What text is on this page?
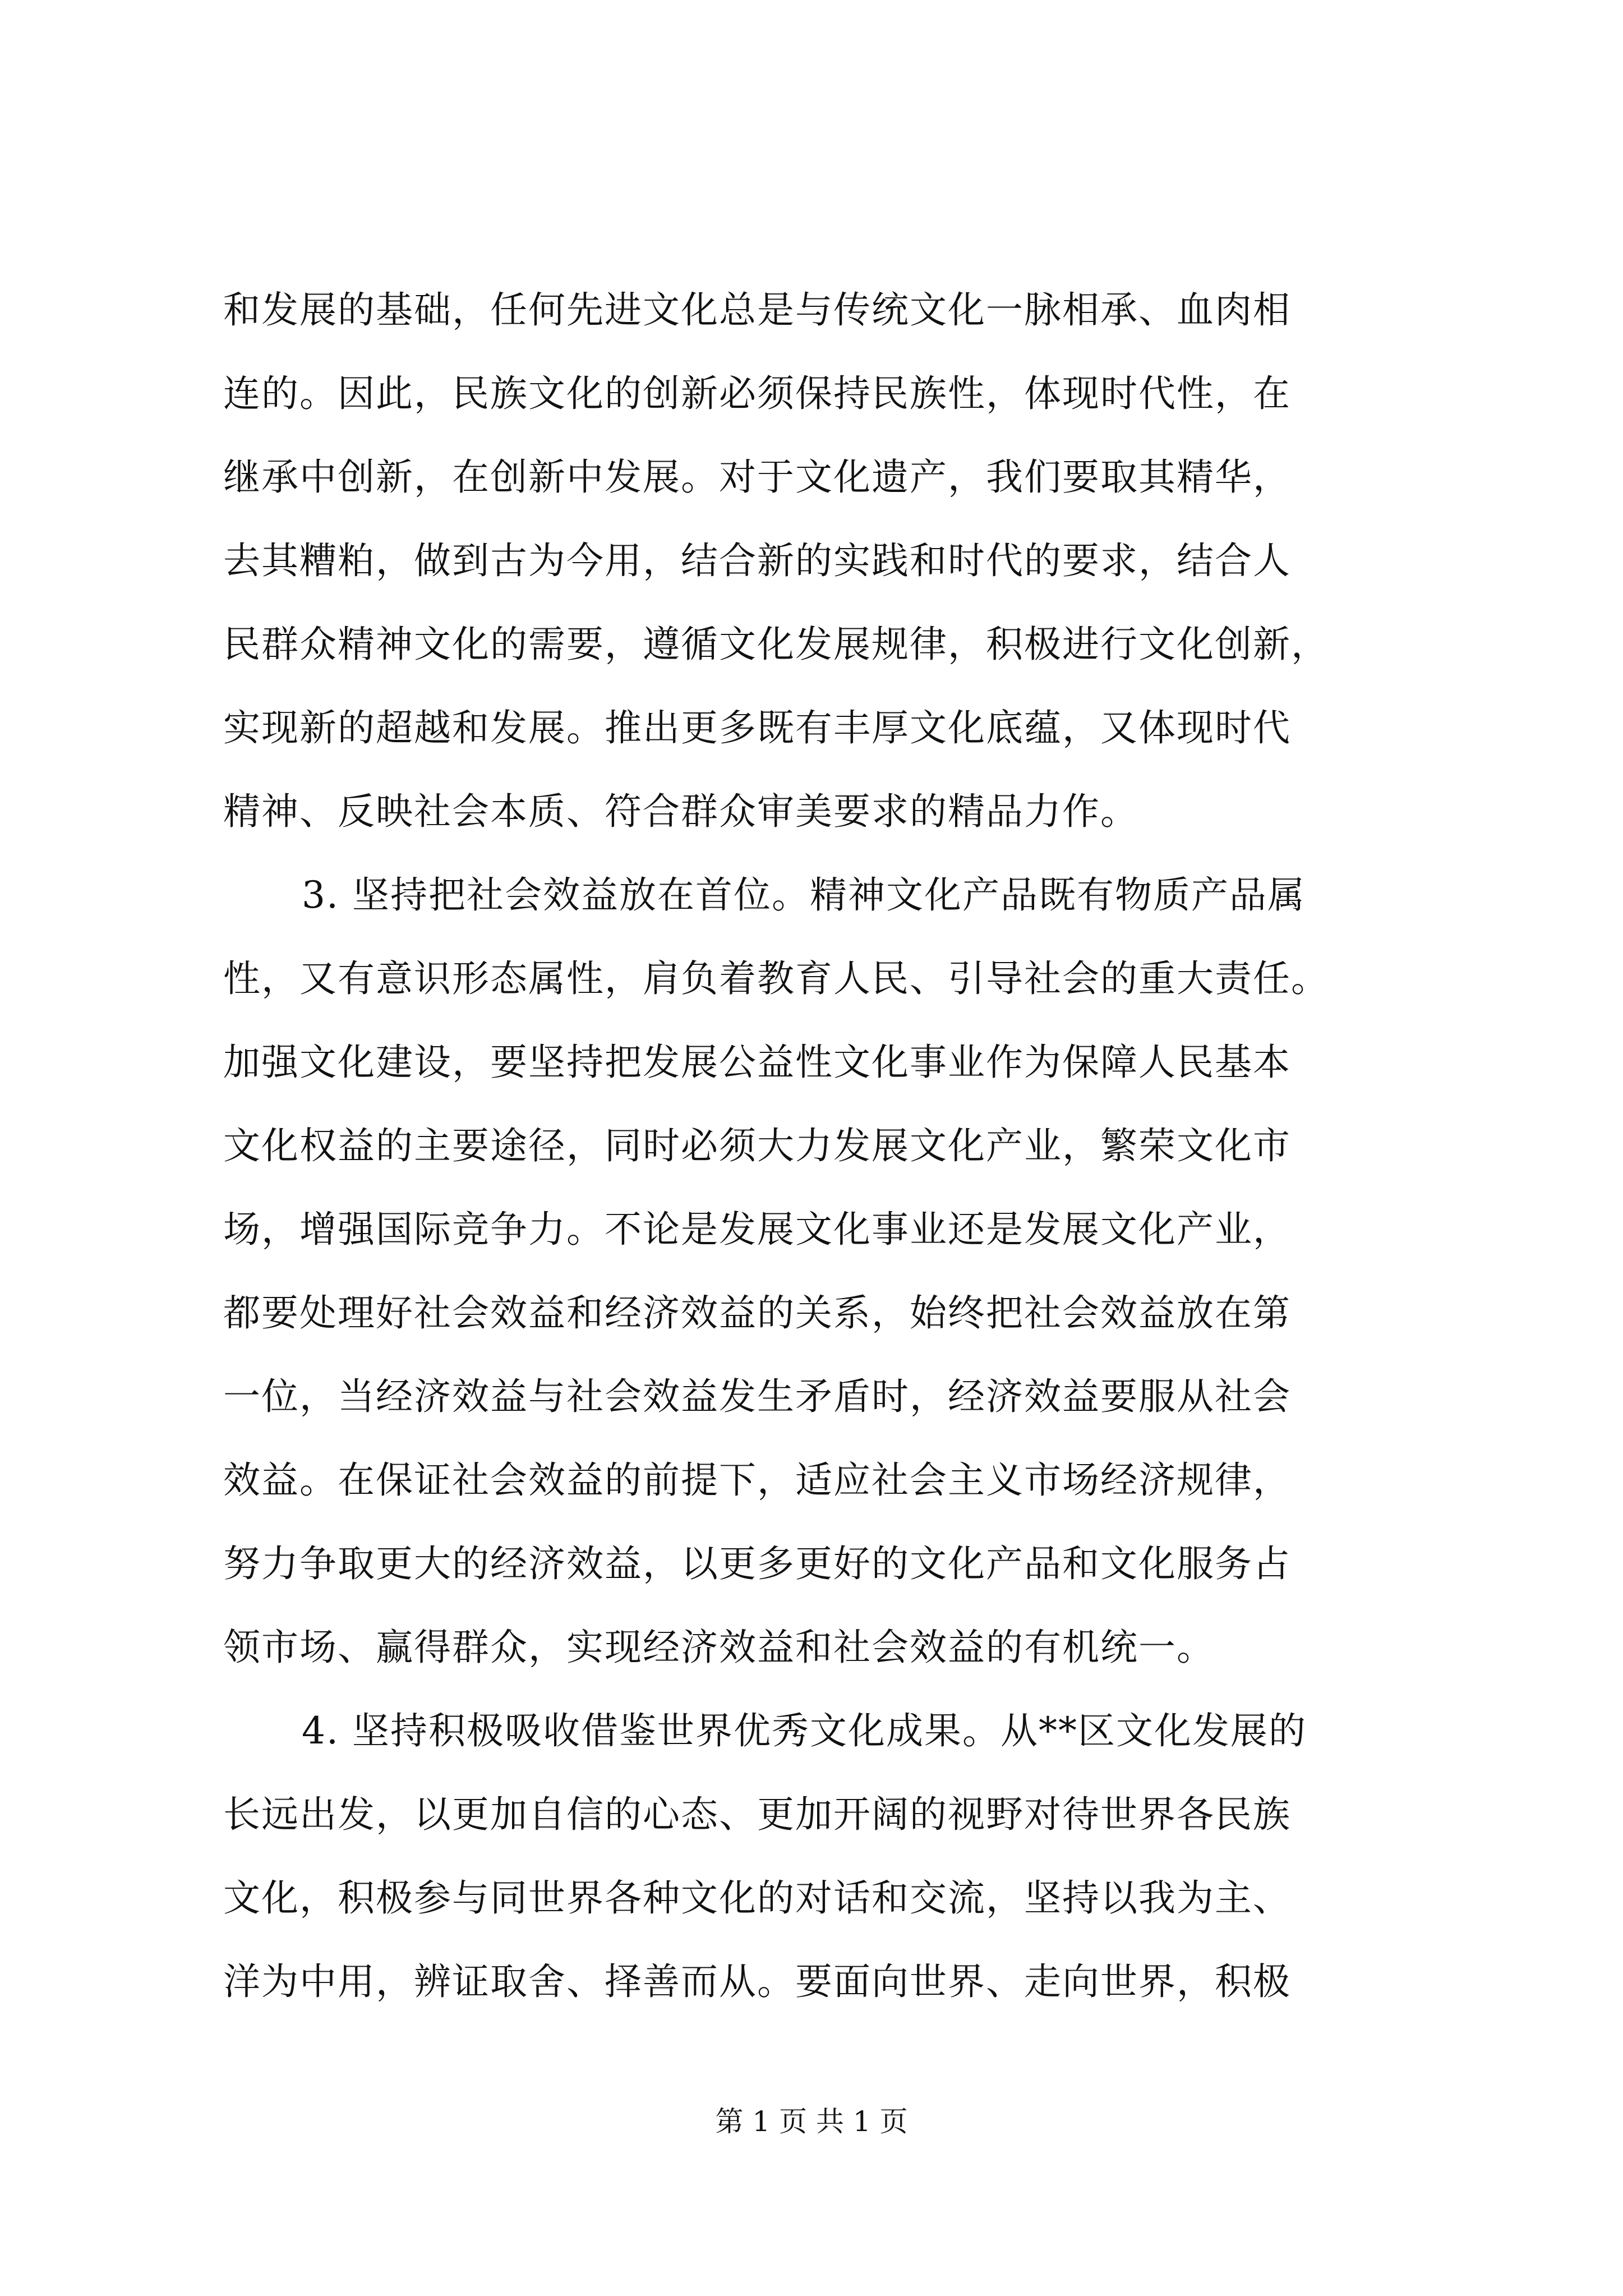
和发展的基础，任何先进文化总是与传统文化一脉相承、血肉相
连的。因此，民族文化的创新必须保持民族性，体现时代性，在
继承中创新，在创新中发展。对于文化遗产，我们要取其精华，
去其糟粕，做到古为今用，结合新的实践和时代的要求，结合人
民群众精神文化的需要，遵循文化发展规律，积极进行文化创新，
实现新的超越和发展。推出更多既有丰厚文化底蕴，又体现时代
精神、反映社会本质、符合群众审美要求的精品力作。
3. 坚持把社会效益放在首位。精神文化产品既有物质产品属
性，又有意识形态属性，肩负着教育人民、引导社会的重大责任。
加强文化建设，要坚持把发展公益性文化事业作为保障人民基本
文化权益的主要途径，同时必须大力发展文化产业，繁荣文化市
场，增强国际竞争力。不论是发展文化事业还是发展文化产业，
都要处理好社会效益和经济效益的关系，始终把社会效益放在第
一位，当经济效益与社会效益发生矛盾时，经济效益要服从社会
效益。在保证社会效益的前提下，适应社会主义市场经济规律，
努力争取更大的经济效益，以更多更好的文化产品和文化服务占
领市场、赢得群众，实现经济效益和社会效益的有机统一。
4. 坚持积极吸收借鉴世界优秀文化成果。从**区文化发展的
长远出发，以更加自信的心态、更加开阔的视野对待世界各民族
文化，积极参与同世界各种文化的对话和交流，坚持以我为主、
洋为中用，辨证取舍、择善而从。要面向世界、走向世界，积极
第 1 页 共 1 页
